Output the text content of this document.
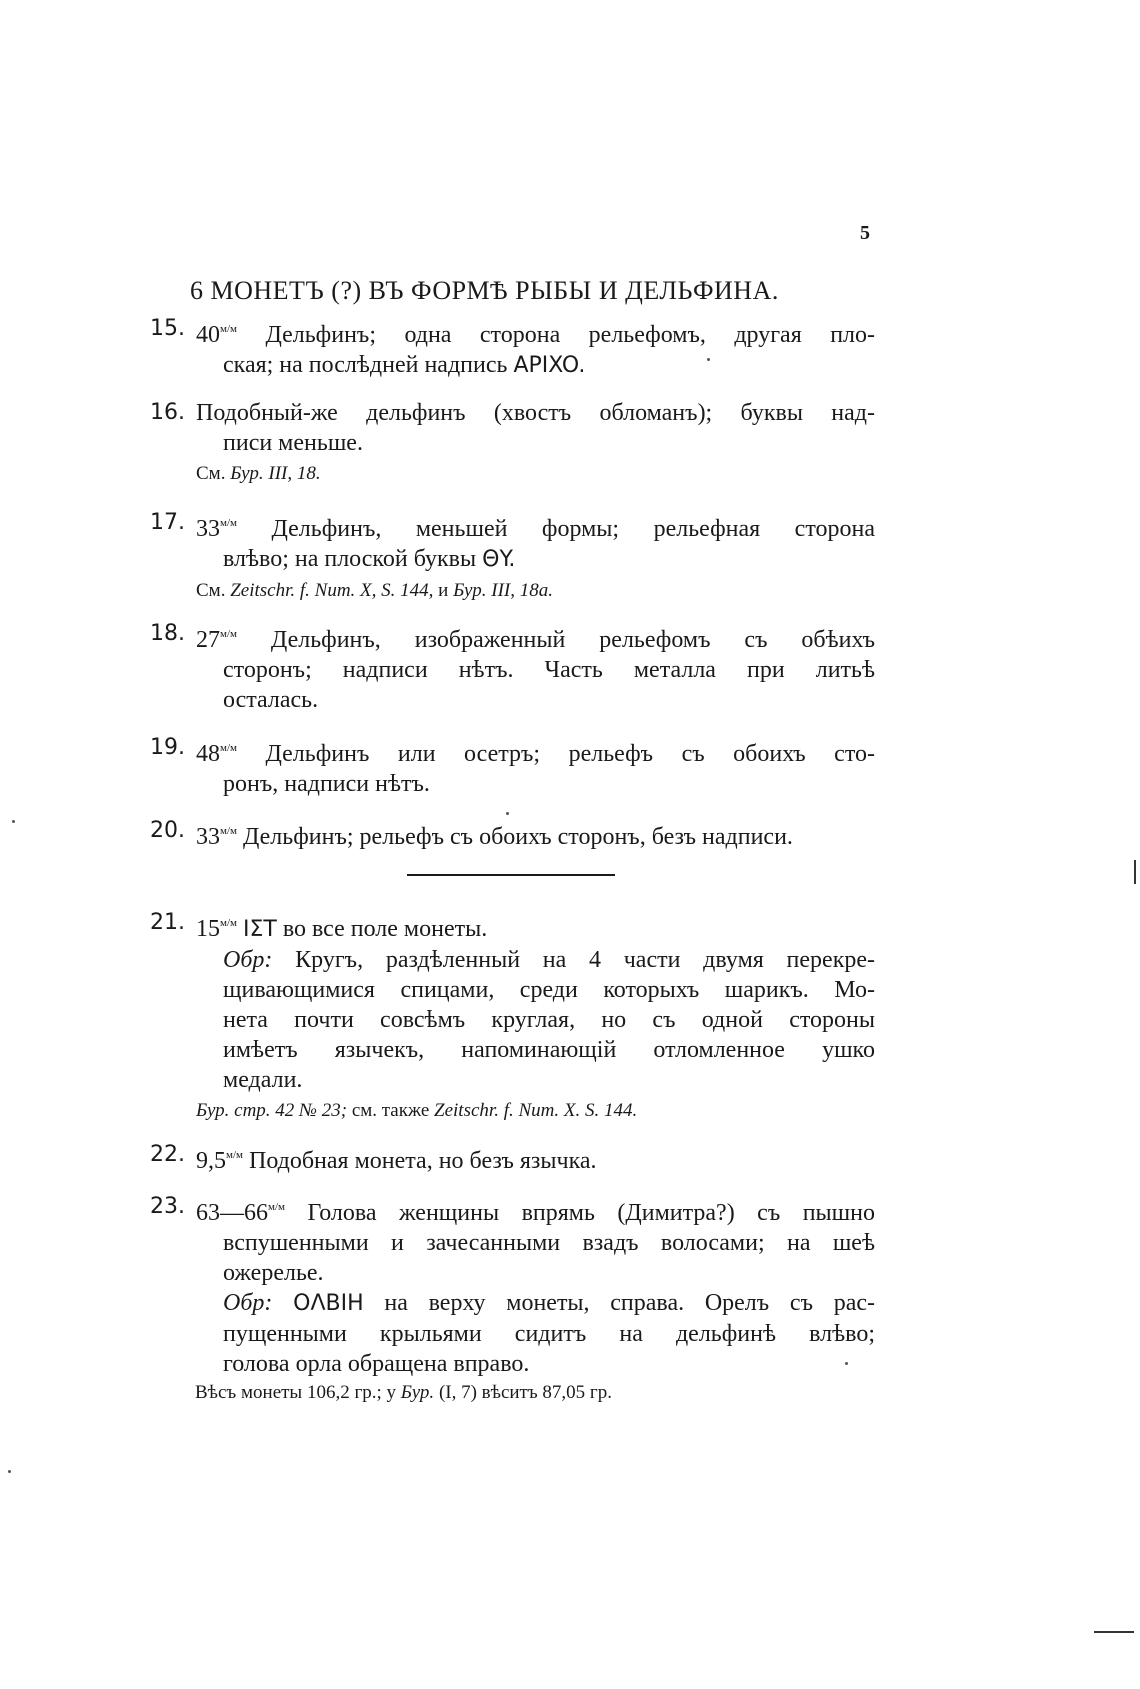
5
6 МОНЕТЪ (?) ВЪ ФОРМѢ РЫБЫ И ДЕЛЬФИНА.
15. $40^{м/м}$ Дельфинъ; одна сторона рельефомъ, другая пло-
ская; на послѣдней надпись APIXO.
16. Подобный-же дельфинъ (хвостъ обломанъ); буквы над-
писи меньше.
См. Бур. III, 18.
17. $33^{м/м}$ Дельфинъ, меньшей формы; рельефная сторона
влѣво; на плоской буквы ΘY.
См. Zeitschr. f. Num. X, S. 144, и Бур. III, 18a.
18. $27^{м/м}$ Дельфинъ, изображенный рельефомъ съ обѣихъ
сторонъ; надписи нѣтъ. Часть металла при литьѣ
осталась.
19. $48^{м/м}$ Дельфинъ или осетръ; рельефъ съ обоихъ сто-
ронъ, надписи нѣтъ.
20. $33^{м/м}$ Дельфинъ; рельефъ съ обоихъ сторонъ, безъ надписи.
21. $15^{м/м}$ IΣT во все поле монеты.
Обр: Кругъ, раздѣленный на 4 части двумя перекре-
щивающимися спицами, среди которыхъ шарикъ. Мо-
нета почти совсѣмъ круглая, но съ одной стороны
имѣетъ язычекъ, напоминающій отломленное ушко
медали.
Бур. стр. 42 № 23; см. также Zeitschr. f. Num. X. S. 144.
22. $9,5^{м/м}$ Подобная монета, но безъ язычка.
23. $63—66^{м/м}$ Голова женщины впрямь (Димитра?) съ пышно
вспушенными и зачесанными взадъ волосами; на шеѣ
ожерелье.
Обр: OΛBIH на верху монеты, справа. Орелъ съ рас-
пущенными крыльями сидитъ на дельфинѣ влѣво;
голова орла обращена вправо.
Вѣсъ монеты 106,2 гр.; у Бур. (I, 7) вѣситъ 87,05 гр.
